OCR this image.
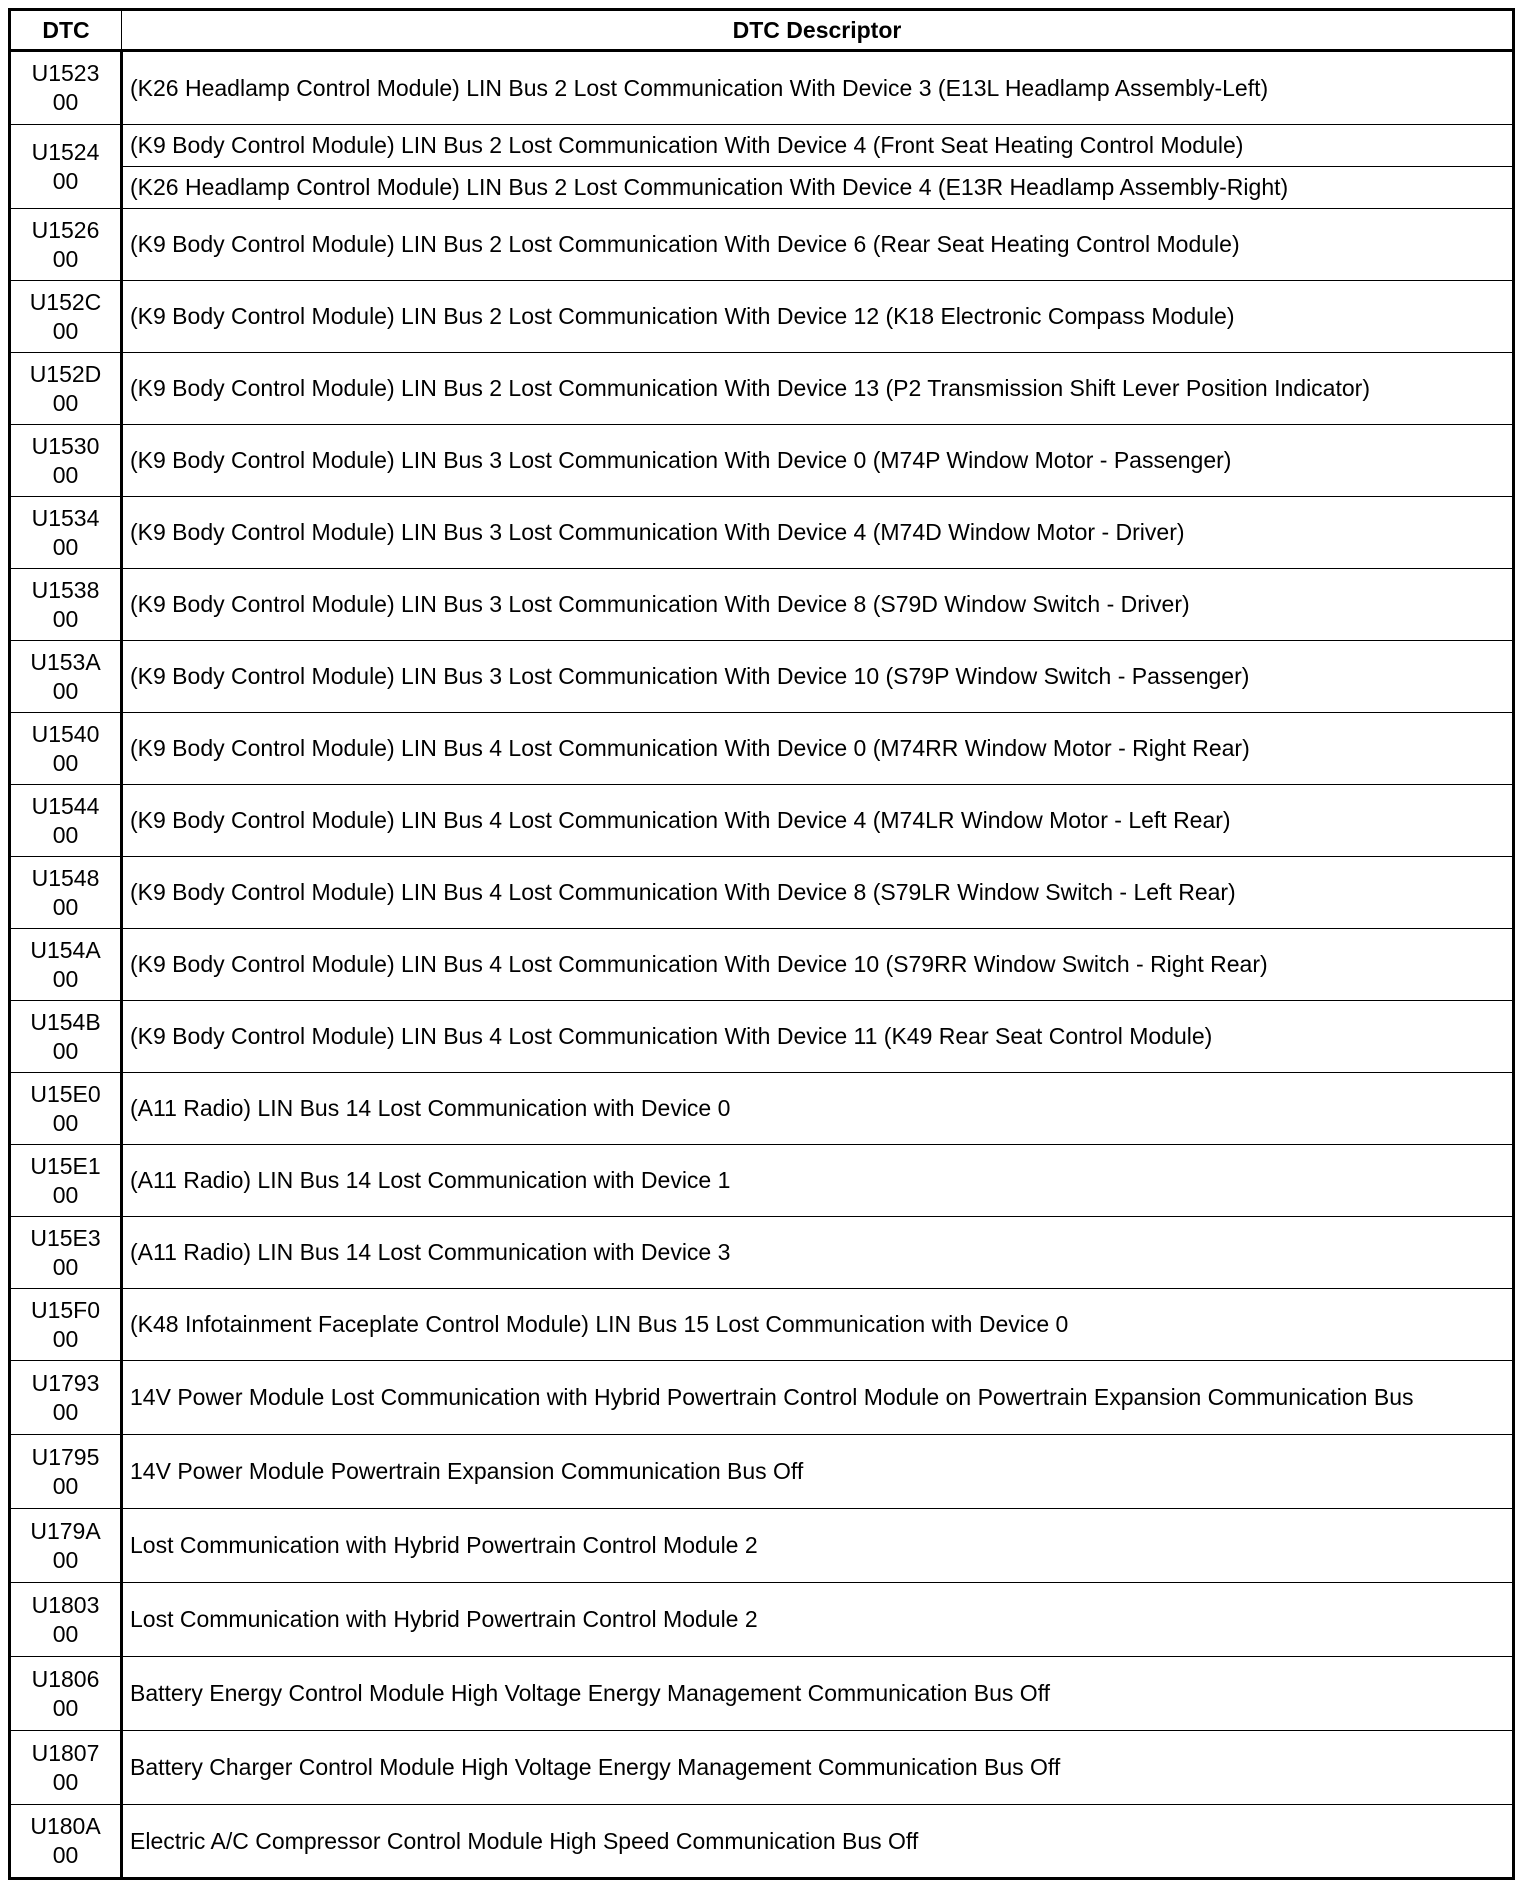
DTC	DTC Descriptor

U1523
00	(K26 Headlamp Control Module) LIN Bus 2 Lost Communication With Device 3 (E13L Headlamp Assembly-Left)

U1524
00	(K9 Body Control Module) LIN Bus 2 Lost Communication With Device 4 (Front Seat Heating Control Module)
	(K26 Headlamp Control Module) LIN Bus 2 Lost Communication With Device 4 (E13R Headlamp Assembly-Right)

U1526
00	(K9 Body Control Module) LIN Bus 2 Lost Communication With Device 6 (Rear Seat Heating Control Module)

U152C
00	(K9 Body Control Module) LIN Bus 2 Lost Communication With Device 12 (K18 Electronic Compass Module)

U152D
00	(K9 Body Control Module) LIN Bus 2 Lost Communication With Device 13 (P2 Transmission Shift Lever Position Indicator)

U1530
00	(K9 Body Control Module) LIN Bus 3 Lost Communication With Device 0 (M74P Window Motor - Passenger)

U1534
00	(K9 Body Control Module) LIN Bus 3 Lost Communication With Device 4 (M74D Window Motor - Driver)

U1538
00	(K9 Body Control Module) LIN Bus 3 Lost Communication With Device 8 (S79D Window Switch - Driver)

U153A
00	(K9 Body Control Module) LIN Bus 3 Lost Communication With Device 10 (S79P Window Switch - Passenger)

U1540
00	(K9 Body Control Module) LIN Bus 4 Lost Communication With Device 0 (M74RR Window Motor - Right Rear)

U1544
00	(K9 Body Control Module) LIN Bus 4 Lost Communication With Device 4 (M74LR Window Motor - Left Rear)

U1548
00	(K9 Body Control Module) LIN Bus 4 Lost Communication With Device 8 (S79LR Window Switch - Left Rear)

U154A
00	(K9 Body Control Module) LIN Bus 4 Lost Communication With Device 10 (S79RR Window Switch - Right Rear)

U154B
00	(K9 Body Control Module) LIN Bus 4 Lost Communication With Device 11 (K49 Rear Seat Control Module)

U15E0
00	(A11 Radio) LIN Bus 14 Lost Communication with Device 0

U15E1
00	(A11 Radio) LIN Bus 14 Lost Communication with Device 1

U15E3
00	(A11 Radio) LIN Bus 14 Lost Communication with Device 3

U15F0
00	(K48 Infotainment Faceplate Control Module) LIN Bus 15 Lost Communication with Device 0

U1793
00	14V Power Module Lost Communication with Hybrid Powertrain Control Module on Powertrain Expansion Communication Bus

U1795
00	14V Power Module Powertrain Expansion Communication Bus Off

U179A
00	Lost Communication with Hybrid Powertrain Control Module 2

U1803
00	Lost Communication with Hybrid Powertrain Control Module 2

U1806
00	Battery Energy Control Module High Voltage Energy Management Communication Bus Off

U1807
00	Battery Charger Control Module High Voltage Energy Management Communication Bus Off

U180A
00	Electric A/C Compressor Control Module High Speed Communication Bus Off
